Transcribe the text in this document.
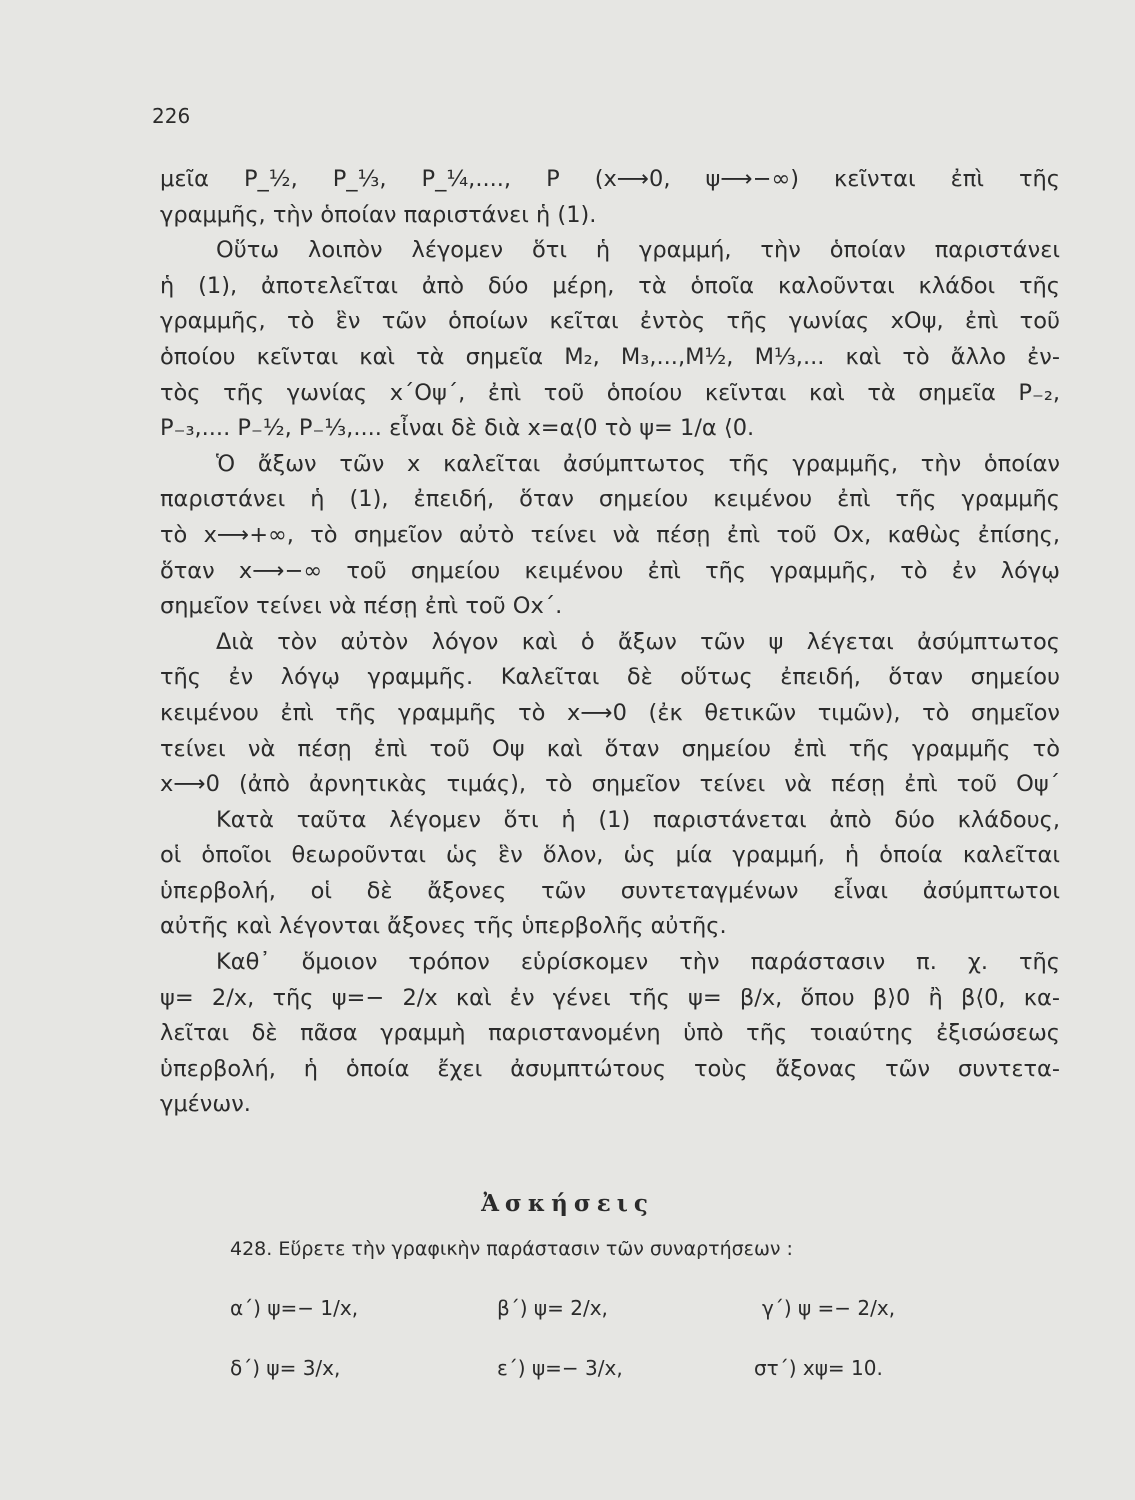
226
μεῖα P_½, P_⅓, P_¼,...., P (x⟶0, ψ⟶−∞) κεῖνται ἐπὶ τῆς
γραμμῆς, τὴν ὁποίαν παριστάνει ἡ (1).
Οὕτω λοιπὸν λέγομεν ὅτι ἡ γραμμή, τὴν ὁποίαν παριστάνει
ἡ (1), ἀποτελεῖται ἀπὸ δύο μέρη, τὰ ὁποῖα καλοῦνται κλάδοι τῆς
γραμμῆς, τὸ ἓν τῶν ὁποίων κεῖται ἐντὸς τῆς γωνίας xOψ, ἐπὶ τοῦ
ὁποίου κεῖνται καὶ τὰ σημεῖα M₂, M₃,...,M½, M⅓,... καὶ τὸ ἄλλο ἐν-
τὸς τῆς γωνίας x΄Oψ΄, ἐπὶ τοῦ ὁποίου κεῖνται καὶ τὰ σημεῖα P₋₂,
P₋₃,.... P₋½, P₋⅓,.... εἶναι δὲ διὰ x=α⟨0 τὸ ψ= 1/α ⟨0.
Ὁ ἄξων τῶν x καλεῖται ἀσύμπτωτος τῆς γραμμῆς, τὴν ὁποίαν
παριστάνει ἡ (1), ἐπειδή, ὅταν σημείου κειμένου ἐπὶ τῆς γραμμῆς
τὸ x⟶+∞, τὸ σημεῖον αὐτὸ τείνει νὰ πέσῃ ἐπὶ τοῦ Ox, καθὼς ἐπίσης,
ὅταν x⟶−∞ τοῦ σημείου κειμένου ἐπὶ τῆς γραμμῆς, τὸ ἐν λόγῳ
σημεῖον τείνει νὰ πέσῃ ἐπὶ τοῦ Ox΄.
Διὰ τὸν αὐτὸν λόγον καὶ ὁ ἄξων τῶν ψ λέγεται ἀσύμπτωτος
τῆς ἐν λόγῳ γραμμῆς. Καλεῖται δὲ οὕτως ἐπειδή, ὅταν σημείου
κειμένου ἐπὶ τῆς γραμμῆς τὸ x⟶0 (ἐκ θετικῶν τιμῶν), τὸ σημεῖον
τείνει νὰ πέσῃ ἐπὶ τοῦ Oψ καὶ ὅταν σημείου ἐπὶ τῆς γραμμῆς τὸ
x⟶0 (ἀπὸ ἀρνητικὰς τιμάς), τὸ σημεῖον τείνει νὰ πέσῃ ἐπὶ τοῦ Oψ΄
Κατὰ ταῦτα λέγομεν ὅτι ἡ (1) παριστάνεται ἀπὸ δύο κλάδους,
οἱ ὁποῖοι θεωροῦνται ὡς ἓν ὅλον, ὡς μία γραμμή, ἡ ὁποία καλεῖται
ὑπερβολή, οἱ δὲ ἄξονες τῶν συντεταγμένων εἶναι ἀσύμπτωτοι
αὐτῆς καὶ λέγονται ἄξονες τῆς ὑπερβολῆς αὐτῆς.
Καθ᾿ ὅμοιον τρόπον εὑρίσκομεν τὴν παράστασιν π. χ. τῆς
ψ= 2/x, τῆς ψ=− 2/x καὶ ἐν γένει τῆς ψ= β/x, ὅπου β⟩0 ἢ β⟨0, κα-
λεῖται δὲ πᾶσα γραμμὴ παριστανομένη ὑπὸ τῆς τοιαύτης ἐξισώσεως
ὑπερβολή, ἡ ὁποία ἔχει ἀσυμπτώτους τοὺς ἄξονας τῶν συντετα-
γμένων.
Ἀσκήσεις
428. Εὕρετε τὴν γραφικὴν παράστασιν τῶν συναρτήσεων :
α΄) ψ=− 1/x,	β΄) ψ= 2/x,	γ΄) ψ =− 2/x,
δ΄) ψ= 3/x,	ε΄) ψ=− 3/x,	στ΄) xψ= 10.
